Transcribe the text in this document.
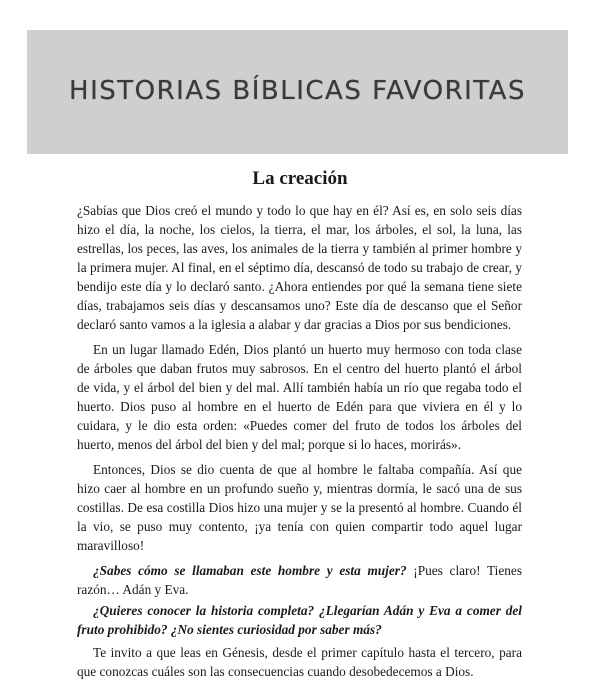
HISTORIAS BÍBLICAS FAVORITAS
La creación

¿Sabías que Dios creó el mundo y todo lo que hay en él? Así es, en solo seis días hizo el día, la noche, los cielos, la tierra, el mar, los árboles, el sol, la luna, las estrellas, los peces, las aves, los animales de la tierra y también al primer hombre y la primera mujer. Al final, en el séptimo día, descansó de todo su trabajo de crear, y bendijo este día y lo declaró santo. ¿Ahora entiendes por qué la semana tiene siete días, trabajamos seis días y descansamos uno? Este día de descanso que el Señor declaró santo vamos a la iglesia a alabar y dar gracias a Dios por sus bendiciones.

En un lugar llamado Edén, Dios plantó un huerto muy hermoso con toda clase de árboles que daban frutos muy sabrosos. En el centro del huerto plantó el árbol de vida, y el árbol del bien y del mal. Allí también había un río que regaba todo el huerto. Dios puso al hombre en el huerto de Edén para que viviera en él y lo cuidara, y le dio esta orden: «Puedes comer del fruto de todos los árboles del huerto, menos del árbol del bien y del mal; porque si lo haces, morirás».

Entonces, Dios se dio cuenta de que al hombre le faltaba compañía. Así que hizo caer al hombre en un profundo sueño y, mientras dormía, le sacó una de sus costillas. De esa costilla Dios hizo una mujer y se la presentó al hombre. Cuando él la vio, se puso muy contento, ¡ya tenía con quien compartir todo aquel lugar maravilloso!

¿Sabes cómo se llamaban este hombre y esta mujer? ¡Pues claro! Tienes razón… Adán y Eva.

¿Quieres conocer la historia completa? ¿Llegarían Adán y Eva a comer del fruto prohibido? ¿No sientes curiosidad por saber más?

Te invito a que leas en Génesis, desde el primer capítulo hasta el tercero, para que conozcas cuáles son las consecuencias cuando desobedecemos a Dios.
